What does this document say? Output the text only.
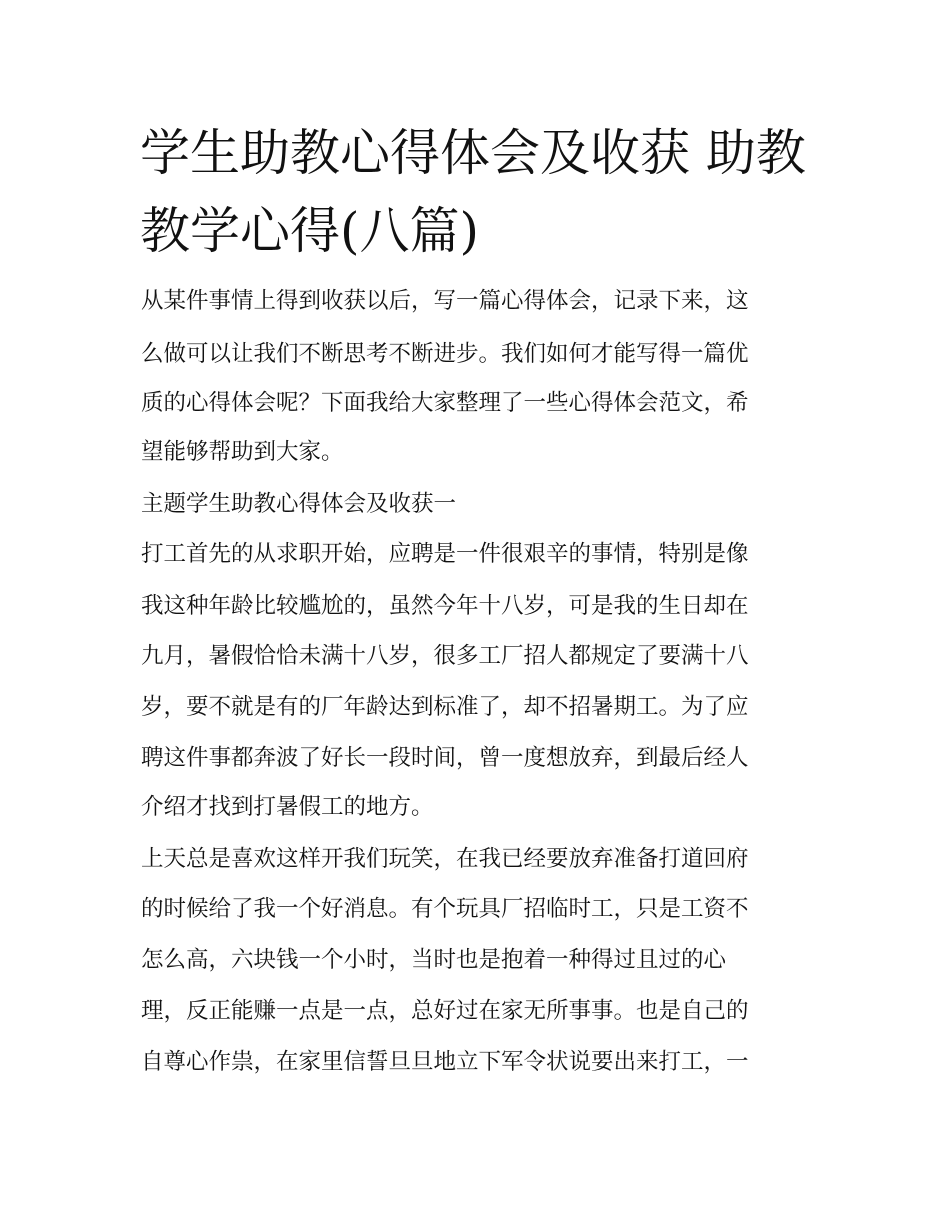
学生助教心得体会及收获 助教
教学心得(八篇)

从某件事情上得到收获以后，写一篇心得体会，记录下来，这

么做可以让我们不断思考不断进步。我们如何才能写得一篇优

质的心得体会呢？下面我给大家整理了一些心得体会范文，希

望能够帮助到大家。

主题学生助教心得体会及收获一

打工首先的从求职开始，应聘是一件很艰辛的事情，特别是像

我这种年龄比较尴尬的，虽然今年十八岁，可是我的生日却在

九月，暑假恰恰未满十八岁，很多工厂招人都规定了要满十八

岁，要不就是有的厂年龄达到标准了，却不招暑期工。为了应

聘这件事都奔波了好长一段时间，曾一度想放弃，到最后经人

介绍才找到打暑假工的地方。

上天总是喜欢这样开我们玩笑，在我已经要放弃准备打道回府

的时候给了我一个好消息。有个玩具厂招临时工，只是工资不

怎么高，六块钱一个小时，当时也是抱着一种得过且过的心

理，反正能赚一点是一点，总好过在家无所事事。也是自己的

自尊心作祟，在家里信誓旦旦地立下军令状说要出来打工，一
